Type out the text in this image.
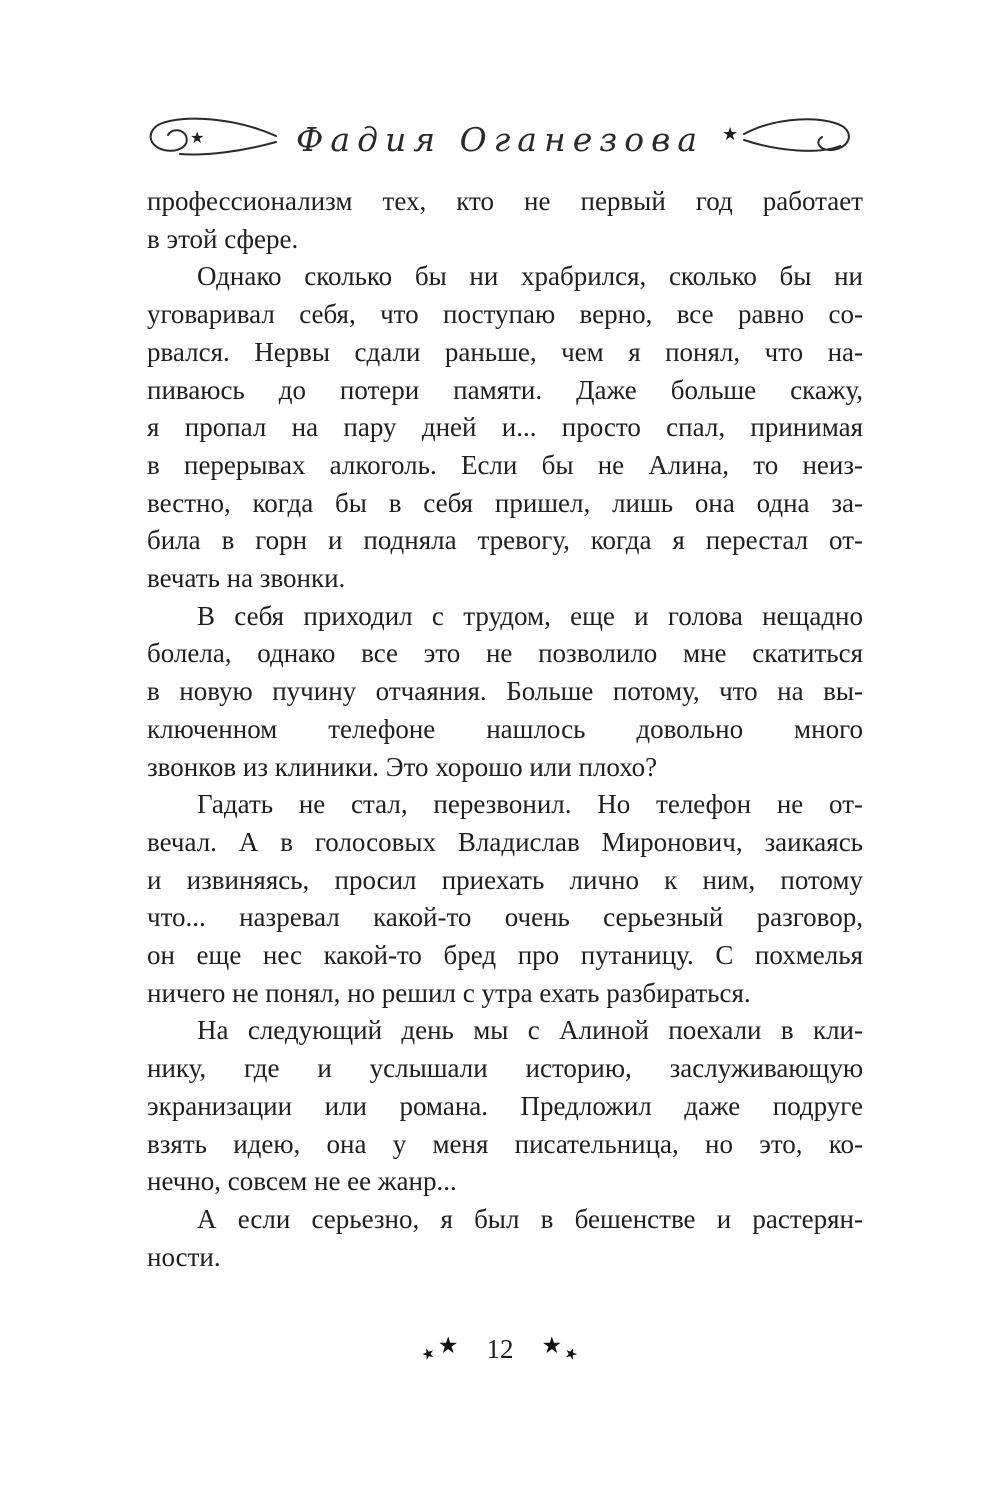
★	Фадия Оганезова ★
профессионализм тех, кто не первый год работает
в этой сфере.
Однако сколько бы ни храбрился, сколько бы ни
уговаривал себя, что поступаю верно, все равно со-
рвался. Нервы сдали раньше, чем я понял, что на-
пиваюсь до потери памяти. Даже больше скажу,
я пропал на пару дней и... просто спал, принимая
в перерывах алкоголь. Если бы не Алина, то неиз-
вестно, когда бы в себя пришел, лишь она одна за-
била в горн и подняла тревогу, когда я перестал от-
вечать на звонки.
В себя приходил с трудом, еще и голова нещадно
болела, однако все это не позволило мне скатиться
в новую пучину отчаяния. Больше потому, что на вы-
ключенном телефоне нашлось довольно много
звонков из клиники. Это хорошо или плохо?
Гадать не стал, перезвонил. Но телефон не от-
вечал. А в голосовых Владислав Миронович, заикаясь
и извиняясь, просил приехать лично к ним, потому
что... назревал какой-то очень серьезный разговор,
он еще нес какой-то бред про путаницу. С похмелья
ничего не понял, но решил с утра ехать разбираться.
На следующий день мы с Алиной поехали в кли-
нику, где и услышали историю, заслуживающую
экранизации или романа. Предложил даже подруге
взять идею, она у меня писательница, но это, ко-
нечно, совсем не ее жанр...
А если серьезно, я был в бешенстве и растерян-
ности.
★ ★ 12 ★ ★
